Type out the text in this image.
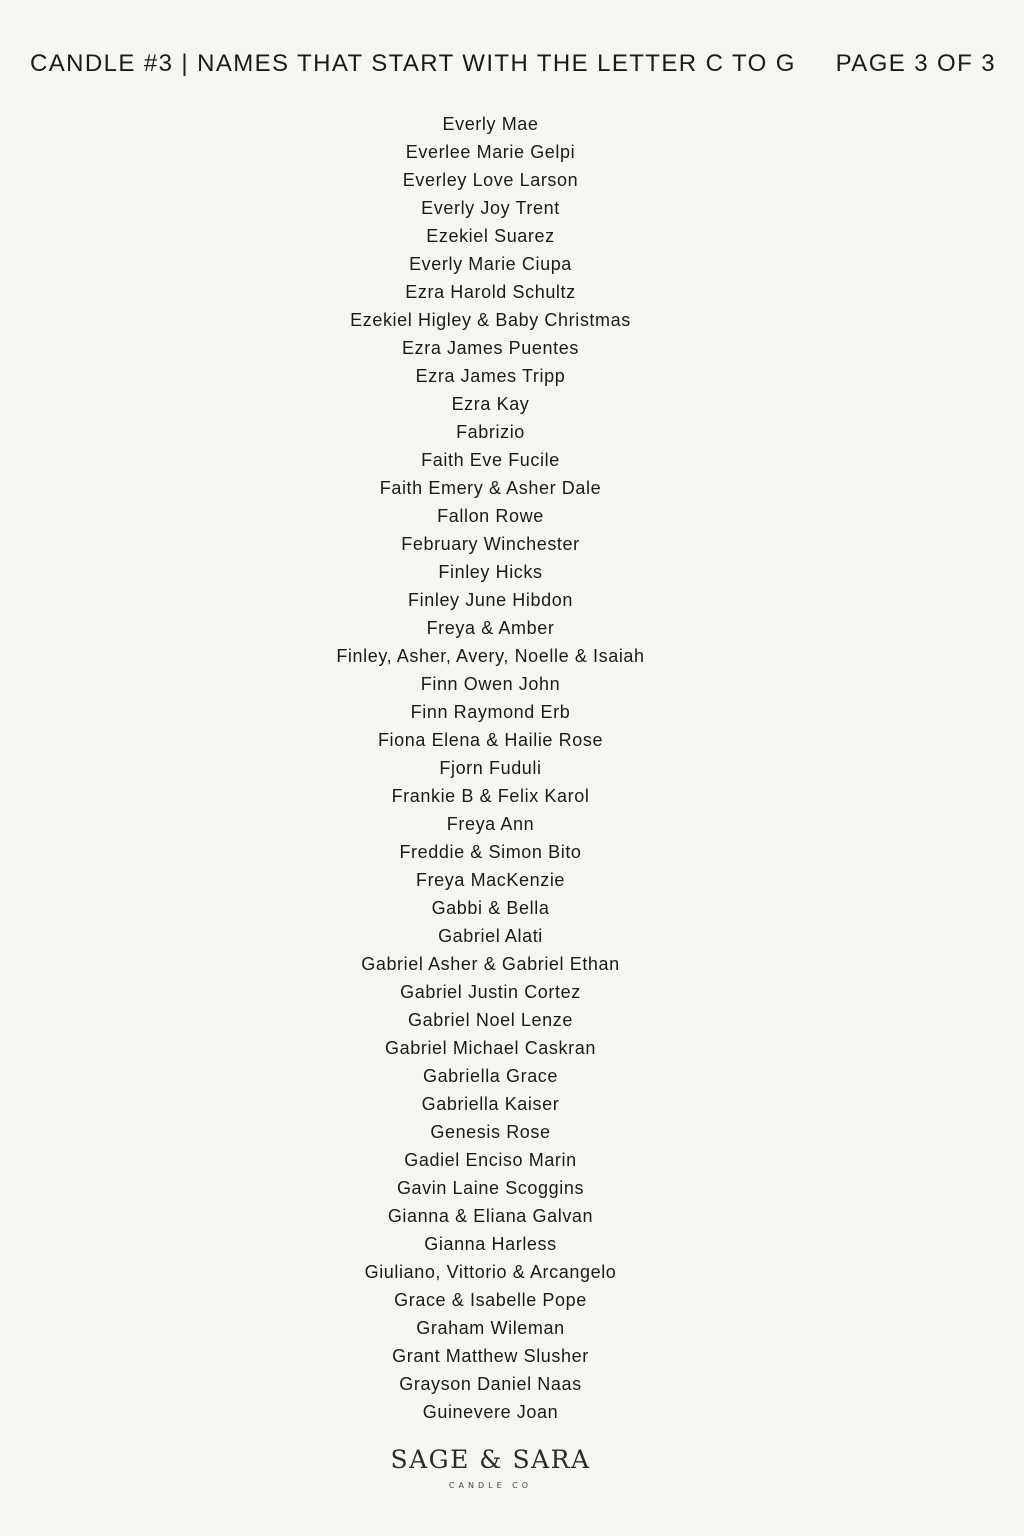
CANDLE #3 | NAMES THAT START WITH THE LETTER C TO G PAGE 3 OF 3
Everly Mae
Everlee Marie Gelpi
Everley Love Larson
Everly Joy Trent
Ezekiel Suarez
Everly Marie Ciupa
Ezra Harold Schultz
Ezekiel Higley & Baby Christmas
Ezra James Puentes
Ezra James Tripp
Ezra Kay
Fabrizio
Faith Eve Fucile
Faith Emery & Asher Dale
Fallon Rowe
February Winchester
Finley Hicks
Finley June Hibdon
Freya & Amber
Finley, Asher, Avery, Noelle & Isaiah
Finn Owen John
Finn Raymond Erb
Fiona Elena & Hailie Rose
Fjorn Fuduli
Frankie B & Felix Karol
Freya Ann
Freddie & Simon Bito
Freya MacKenzie
Gabbi & Bella
Gabriel Alati
Gabriel Asher & Gabriel Ethan
Gabriel Justin Cortez
Gabriel Noel Lenze
Gabriel Michael Caskran
Gabriella Grace
Gabriella Kaiser
Genesis Rose
Gadiel Enciso Marin
Gavin Laine Scoggins
Gianna & Eliana Galvan
Gianna Harless
Giuliano, Vittorio & Arcangelo
Grace & Isabelle Pope
Graham Wileman
Grant Matthew Slusher
Grayson Daniel Naas
Guinevere Joan
SAGE & SARA
CANDLE CO
